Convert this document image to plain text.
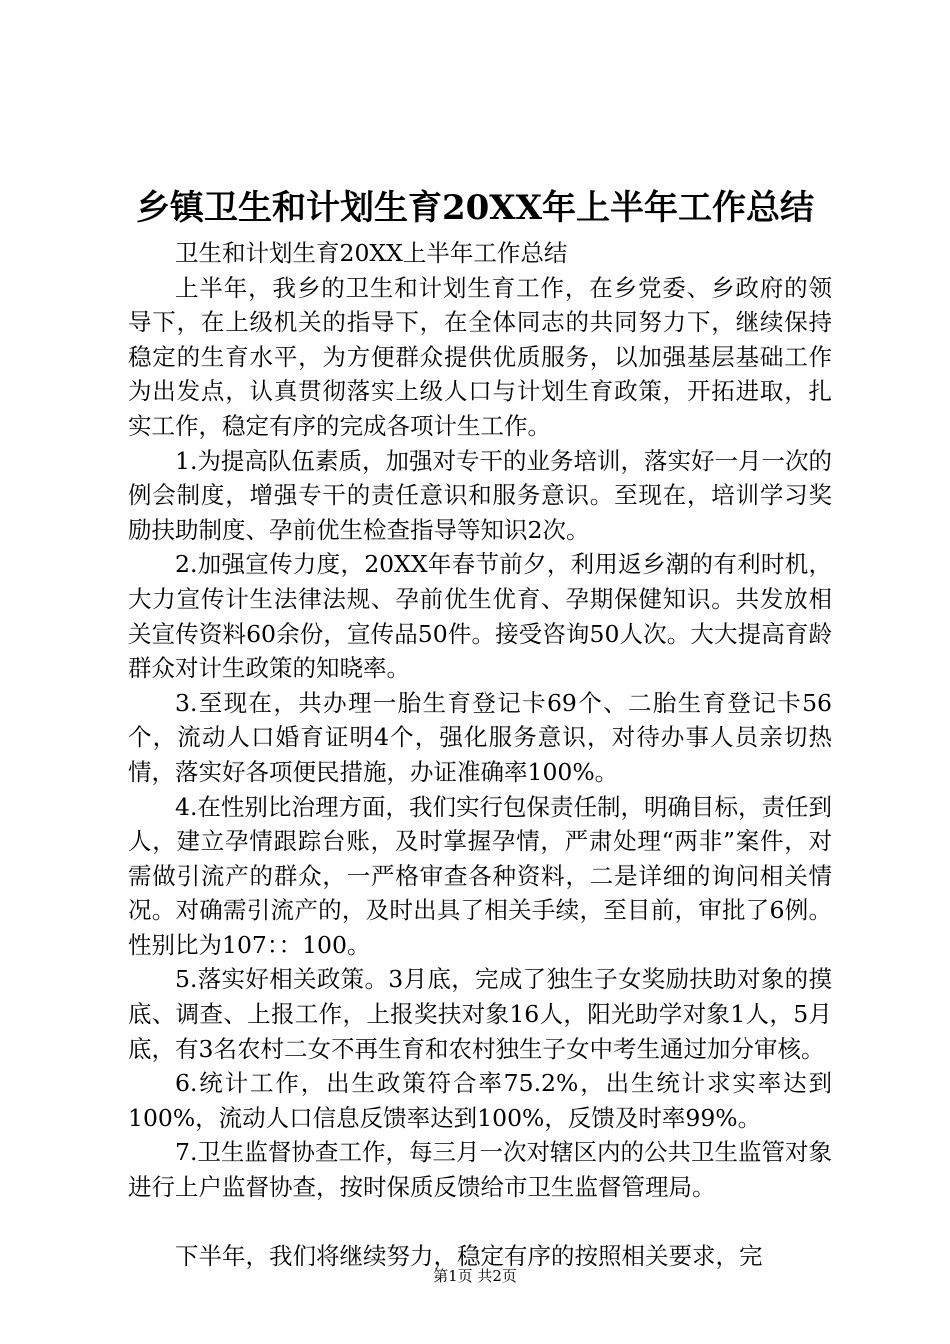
乡镇卫生和计划生育20XX年上半年工作总结

卫生和计划生育20XX上半年工作总结

上半年，我乡的卫生和计划生育工作，在乡党委、乡政府的领导下，在上级机关的指导下，在全体同志的共同努力下，继续保持稳定的生育水平，为方便群众提供优质服务，以加强基层基础工作为出发点，认真贯彻落实上级人口与计划生育政策，开拓进取，扎实工作，稳定有序的完成各项计生工作。

1.为提高队伍素质，加强对专干的业务培训，落实好一月一次的例会制度，增强专干的责任意识和服务意识。至现在，培训学习奖励扶助制度、孕前优生检查指导等知识2次。

2.加强宣传力度，20XX年春节前夕，利用返乡潮的有利时机，大力宣传计生法律法规、孕前优生优育、孕期保健知识。共发放相关宣传资料60余份，宣传品50件。接受咨询50人次。大大提高育龄群众对计生政策的知晓率。

3.至现在，共办理一胎生育登记卡69个、二胎生育登记卡56个，流动人口婚育证明4个，强化服务意识，对待办事人员亲切热情，落实好各项便民措施，办证准确率100%。

4.在性别比治理方面，我们实行包保责任制，明确目标，责任到人，建立孕情跟踪台账，及时掌握孕情，严肃处理“两非”案件，对需做引流产的群众，一严格审查各种资料，二是详细的询问相关情况。对确需引流产的，及时出具了相关手续，至目前，审批了6例。性别比为107：：100。

5.落实好相关政策。3月底，完成了独生子女奖励扶助对象的摸底、调查、上报工作，上报奖扶对象16人，阳光助学对象1人，5月底，有3名农村二女不再生育和农村独生子女中考生通过加分审核。

6.统计工作，出生政策符合率75.2%，出生统计求实率达到100%，流动人口信息反馈率达到100%，反馈及时率99%。

7.卫生监督协查工作，每三月一次对辖区内的公共卫生监管对象进行上户监督协查，按时保质反馈给市卫生监督管理局。

下半年，我们将继续努力，稳定有序的按照相关要求，完

第1页 共2页
